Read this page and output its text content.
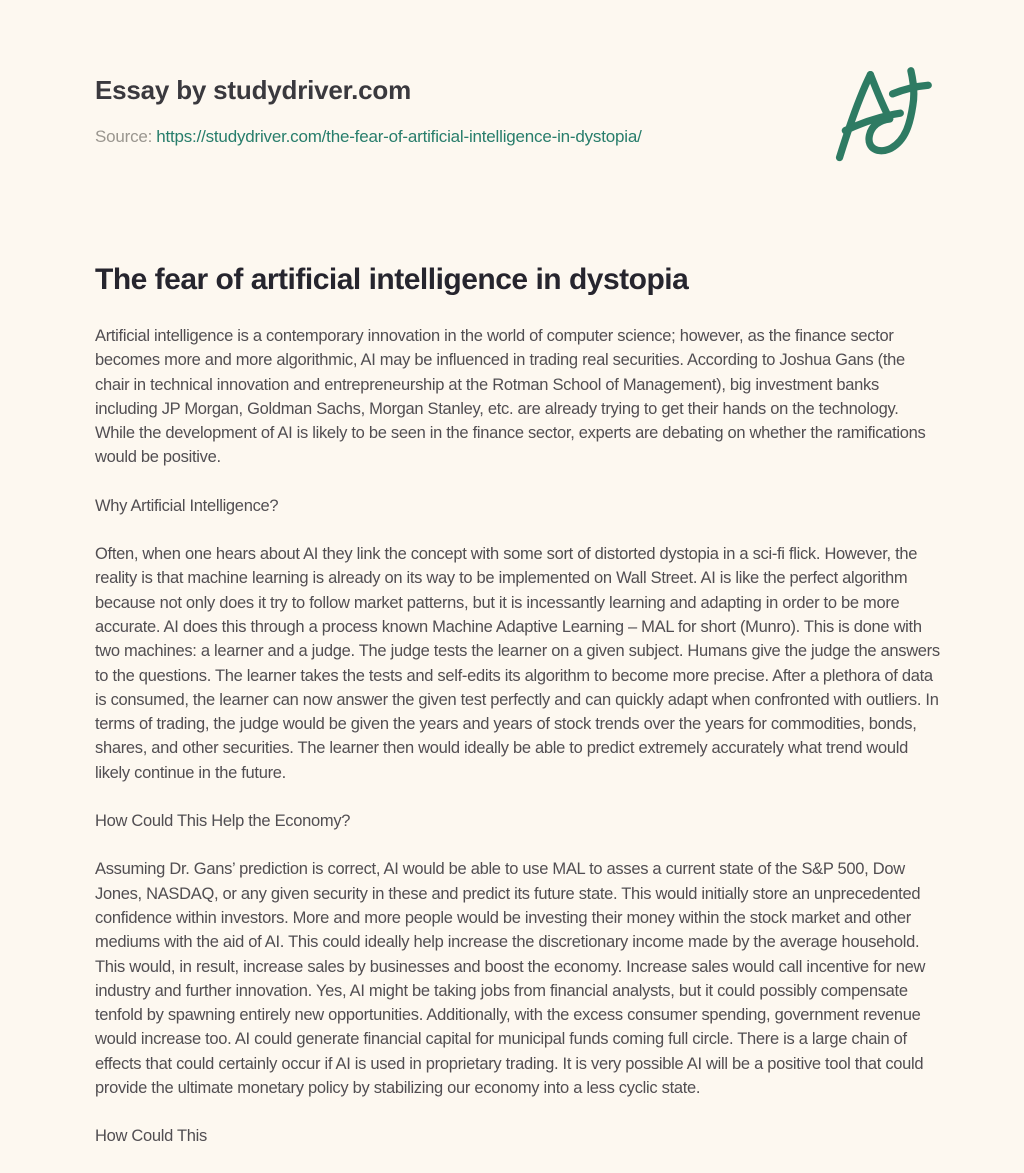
Essay by studydriver.com
Source: https://studydriver.com/the-fear-of-artificial-intelligence-in-dystopia/
The fear of artificial intelligence in dystopia

Artificial intelligence is a contemporary innovation in the world of computer science; however, as the finance sector becomes more and more algorithmic, AI may be influenced in trading real securities. According to Joshua Gans (the chair in technical innovation and entrepreneurship at the Rotman School of Management), big investment banks including JP Morgan, Goldman Sachs, Morgan Stanley, etc. are already trying to get their hands on the technology. While the development of AI is likely to be seen in the finance sector, experts are debating on whether the ramifications would be positive.

Why Artificial Intelligence?

Often, when one hears about AI they link the concept with some sort of distorted dystopia in a sci-fi flick. However, the reality is that machine learning is already on its way to be implemented on Wall Street. AI is like the perfect algorithm because not only does it try to follow market patterns, but it is incessantly learning and adapting in order to be more accurate. AI does this through a process known Machine Adaptive Learning – MAL for short (Munro). This is done with two machines: a learner and a judge. The judge tests the learner on a given subject. Humans give the judge the answers to the questions. The learner takes the tests and self-edits its algorithm to become more precise. After a plethora of data is consumed, the learner can now answer the given test perfectly and can quickly adapt when confronted with outliers. In terms of trading, the judge would be given the years and years of stock trends over the years for commodities, bonds, shares, and other securities. The learner then would ideally be able to predict extremely accurately what trend would likely continue in the future.

How Could This Help the Economy?

Assuming Dr. Gans’ prediction is correct, AI would be able to use MAL to asses a current state of the S&P 500, Dow Jones, NASDAQ, or any given security in these and predict its future state. This would initially store an unprecedented confidence within investors. More and more people would be investing their money within the stock market and other mediums with the aid of AI. This could ideally help increase the discretionary income made by the average household. This would, in result, increase sales by businesses and boost the economy. Increase sales would call incentive for new industry and further innovation. Yes, AI might be taking jobs from financial analysts, but it could possibly compensate tenfold by spawning entirely new opportunities. Additionally, with the excess consumer spending, government revenue would increase too. AI could generate financial capital for municipal funds coming full circle. There is a large chain of effects that could certainly occur if AI is used in proprietary trading. It is very possible AI will be a positive tool that could provide the ultimate monetary policy by stabilizing our economy into a less cyclic state.

How Could This
